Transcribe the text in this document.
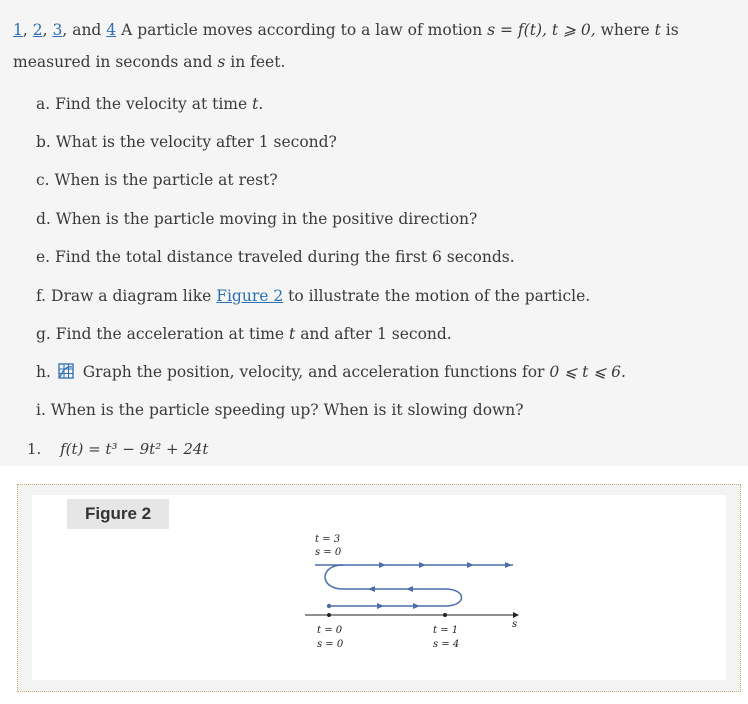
1, 2, 3, and 4 A particle moves according to a law of motion s = f(t), t ⩾ 0, where t is measured in seconds and s in feet.
a. Find the velocity at time t.
b. What is the velocity after 1 second?
c. When is the particle at rest?
d. When is the particle moving in the positive direction?
e. Find the total distance traveled during the first 6 seconds.
f. Draw a diagram like Figure 2 to illustrate the motion of the particle.
g. Find the acceleration at time t and after 1 second.
h. Graph the position, velocity, and acceleration functions for 0 ⩽ t ⩽ 6.
i. When is the particle speeding up? When is it slowing down?
1. f(t) = t³ − 9t² + 24t
Figure 2
t = 3
s = 0
s
t = 0
s = 0
t = 1
s = 4
